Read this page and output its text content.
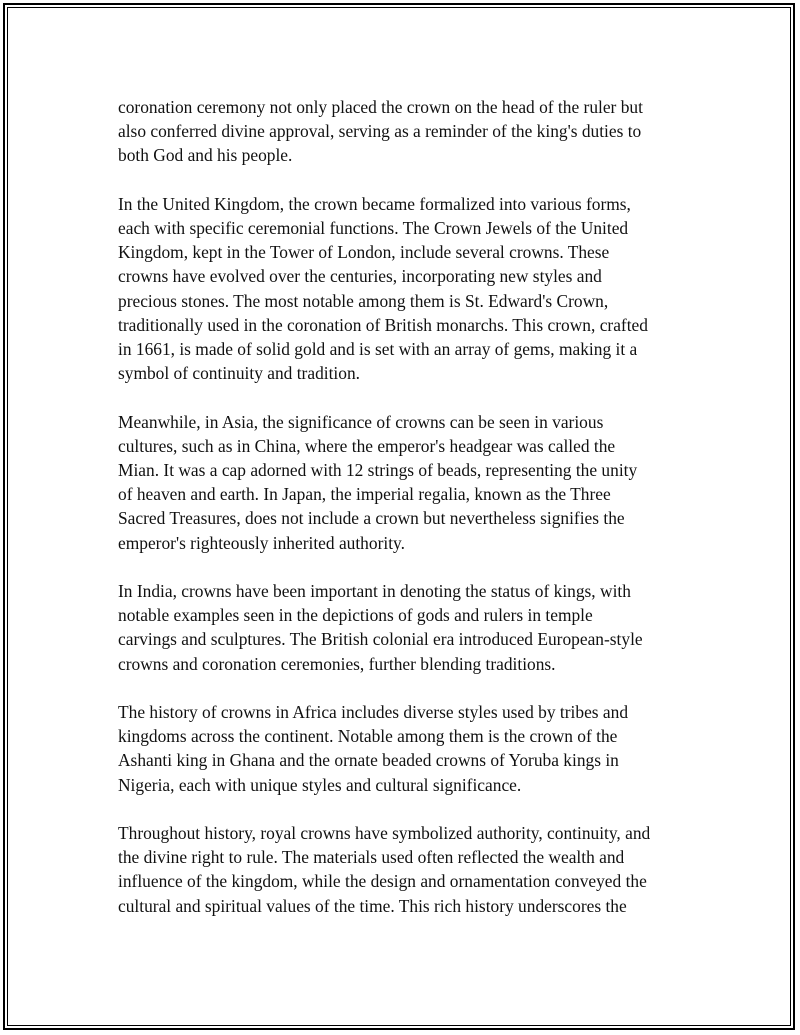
coronation ceremony not only placed the crown on the head of the ruler but
also conferred divine approval, serving as a reminder of the king's duties to
both God and his people.

In the United Kingdom, the crown became formalized into various forms,
each with specific ceremonial functions. The Crown Jewels of the United
Kingdom, kept in the Tower of London, include several crowns. These
crowns have evolved over the centuries, incorporating new styles and
precious stones. The most notable among them is St. Edward's Crown,
traditionally used in the coronation of British monarchs. This crown, crafted
in 1661, is made of solid gold and is set with an array of gems, making it a
symbol of continuity and tradition.

Meanwhile, in Asia, the significance of crowns can be seen in various
cultures, such as in China, where the emperor's headgear was called the
Mian. It was a cap adorned with 12 strings of beads, representing the unity
of heaven and earth. In Japan, the imperial regalia, known as the Three
Sacred Treasures, does not include a crown but nevertheless signifies the
emperor's righteously inherited authority.

In India, crowns have been important in denoting the status of kings, with
notable examples seen in the depictions of gods and rulers in temple
carvings and sculptures. The British colonial era introduced European-style
crowns and coronation ceremonies, further blending traditions.

The history of crowns in Africa includes diverse styles used by tribes and
kingdoms across the continent. Notable among them is the crown of the
Ashanti king in Ghana and the ornate beaded crowns of Yoruba kings in
Nigeria, each with unique styles and cultural significance.

Throughout history, royal crowns have symbolized authority, continuity, and
the divine right to rule. The materials used often reflected the wealth and
influence of the kingdom, while the design and ornamentation conveyed the
cultural and spiritual values of the time. This rich history underscores the
